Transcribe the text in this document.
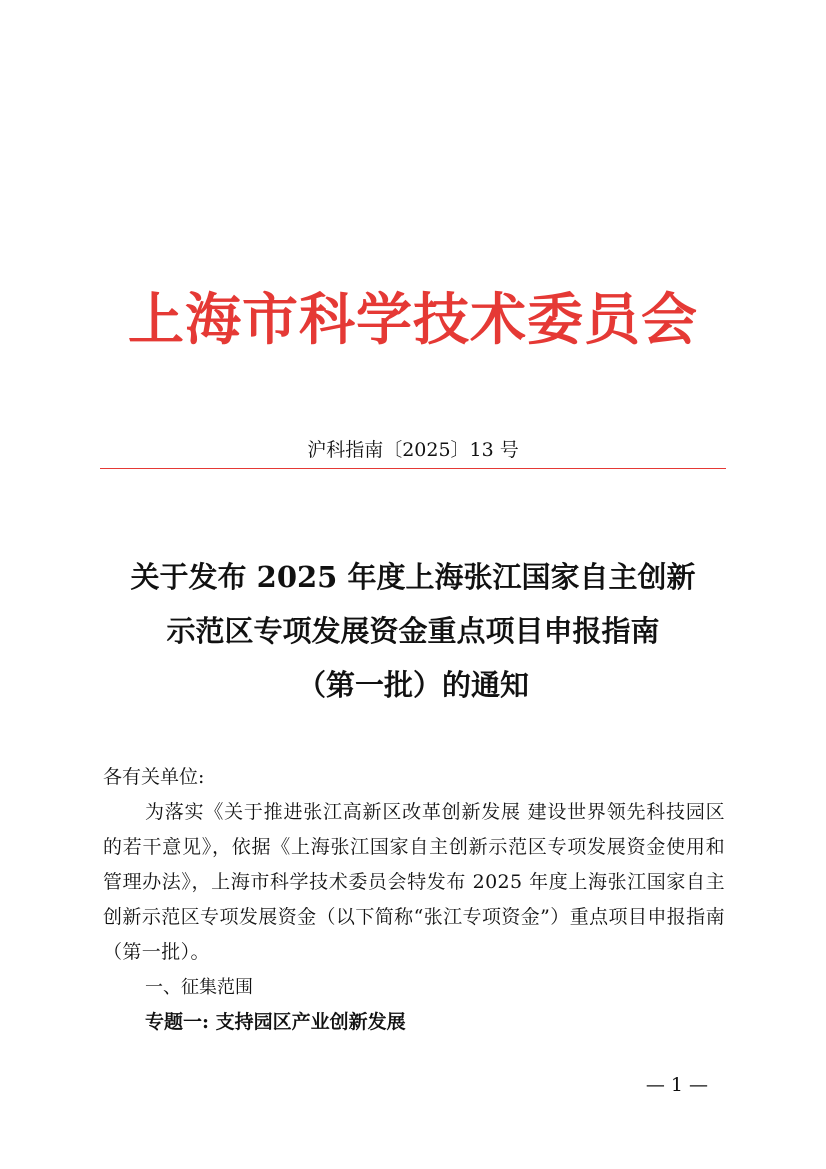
上海市科学技术委员会
沪科指南〔2025〕13 号
关于发布 2025 年度上海张江国家自主创新
示范区专项发展资金重点项目申报指南
（第一批）的通知
各有关单位:

为落实《关于推进张江高新区改革创新发展 建设世界领先科技园区的若干意见》，依据《上海张江国家自主创新示范区专项发展资金使用和管理办法》，上海市科学技术委员会特发布 2025 年度上海张江国家自主创新示范区专项发展资金（以下简称“张江专项资金”）重点项目申报指南（第一批）。

一、征集范围
专题一: 支持园区产业创新发展
— 1 —
